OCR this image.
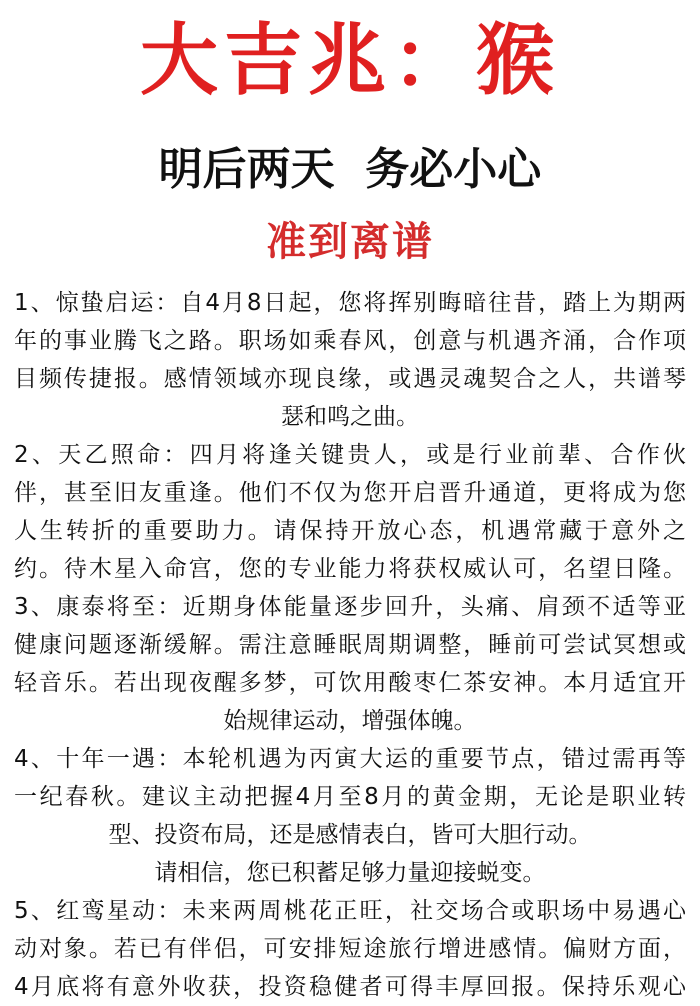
大吉兆：猴
明后两天  务必小心
准到离谱
1、惊蛰启运：自4月8日起，您将挥别晦暗往昔，踏上为期两
年的事业腾飞之路。职场如乘春风，创意与机遇齐涌，合作项
目频传捷报。感情领域亦现良缘，或遇灵魂契合之人，共谱琴
瑟和鸣之曲。
2、天乙照命：四月将逢关键贵人，或是行业前辈、合作伙
伴，甚至旧友重逢。他们不仅为您开启晋升通道，更将成为您
人生转折的重要助力。请保持开放心态，机遇常藏于意外之
约。待木星入命宫，您的专业能力将获权威认可，名望日隆。
3、康泰将至：近期身体能量逐步回升，头痛、肩颈不适等亚
健康问题逐渐缓解。需注意睡眠周期调整，睡前可尝试冥想或
轻音乐。若出现夜醒多梦，可饮用酸枣仁茶安神。本月适宜开
始规律运动，增强体魄。
4、十年一遇：本轮机遇为丙寅大运的重要节点，错过需再等
一纪春秋。建议主动把握4月至8月的黄金期，无论是职业转
型、投资布局，还是感情表白，皆可大胆行动。
请相信，您已积蓄足够力量迎接蜕变。
5、红鸾星动：未来两周桃花正旺，社交场合或职场中易遇心
动对象。若已有伴侣，可安排短途旅行增进感情。偏财方面，
4月底将有意外收获，投资稳健者可得丰厚回报。保持乐观心
